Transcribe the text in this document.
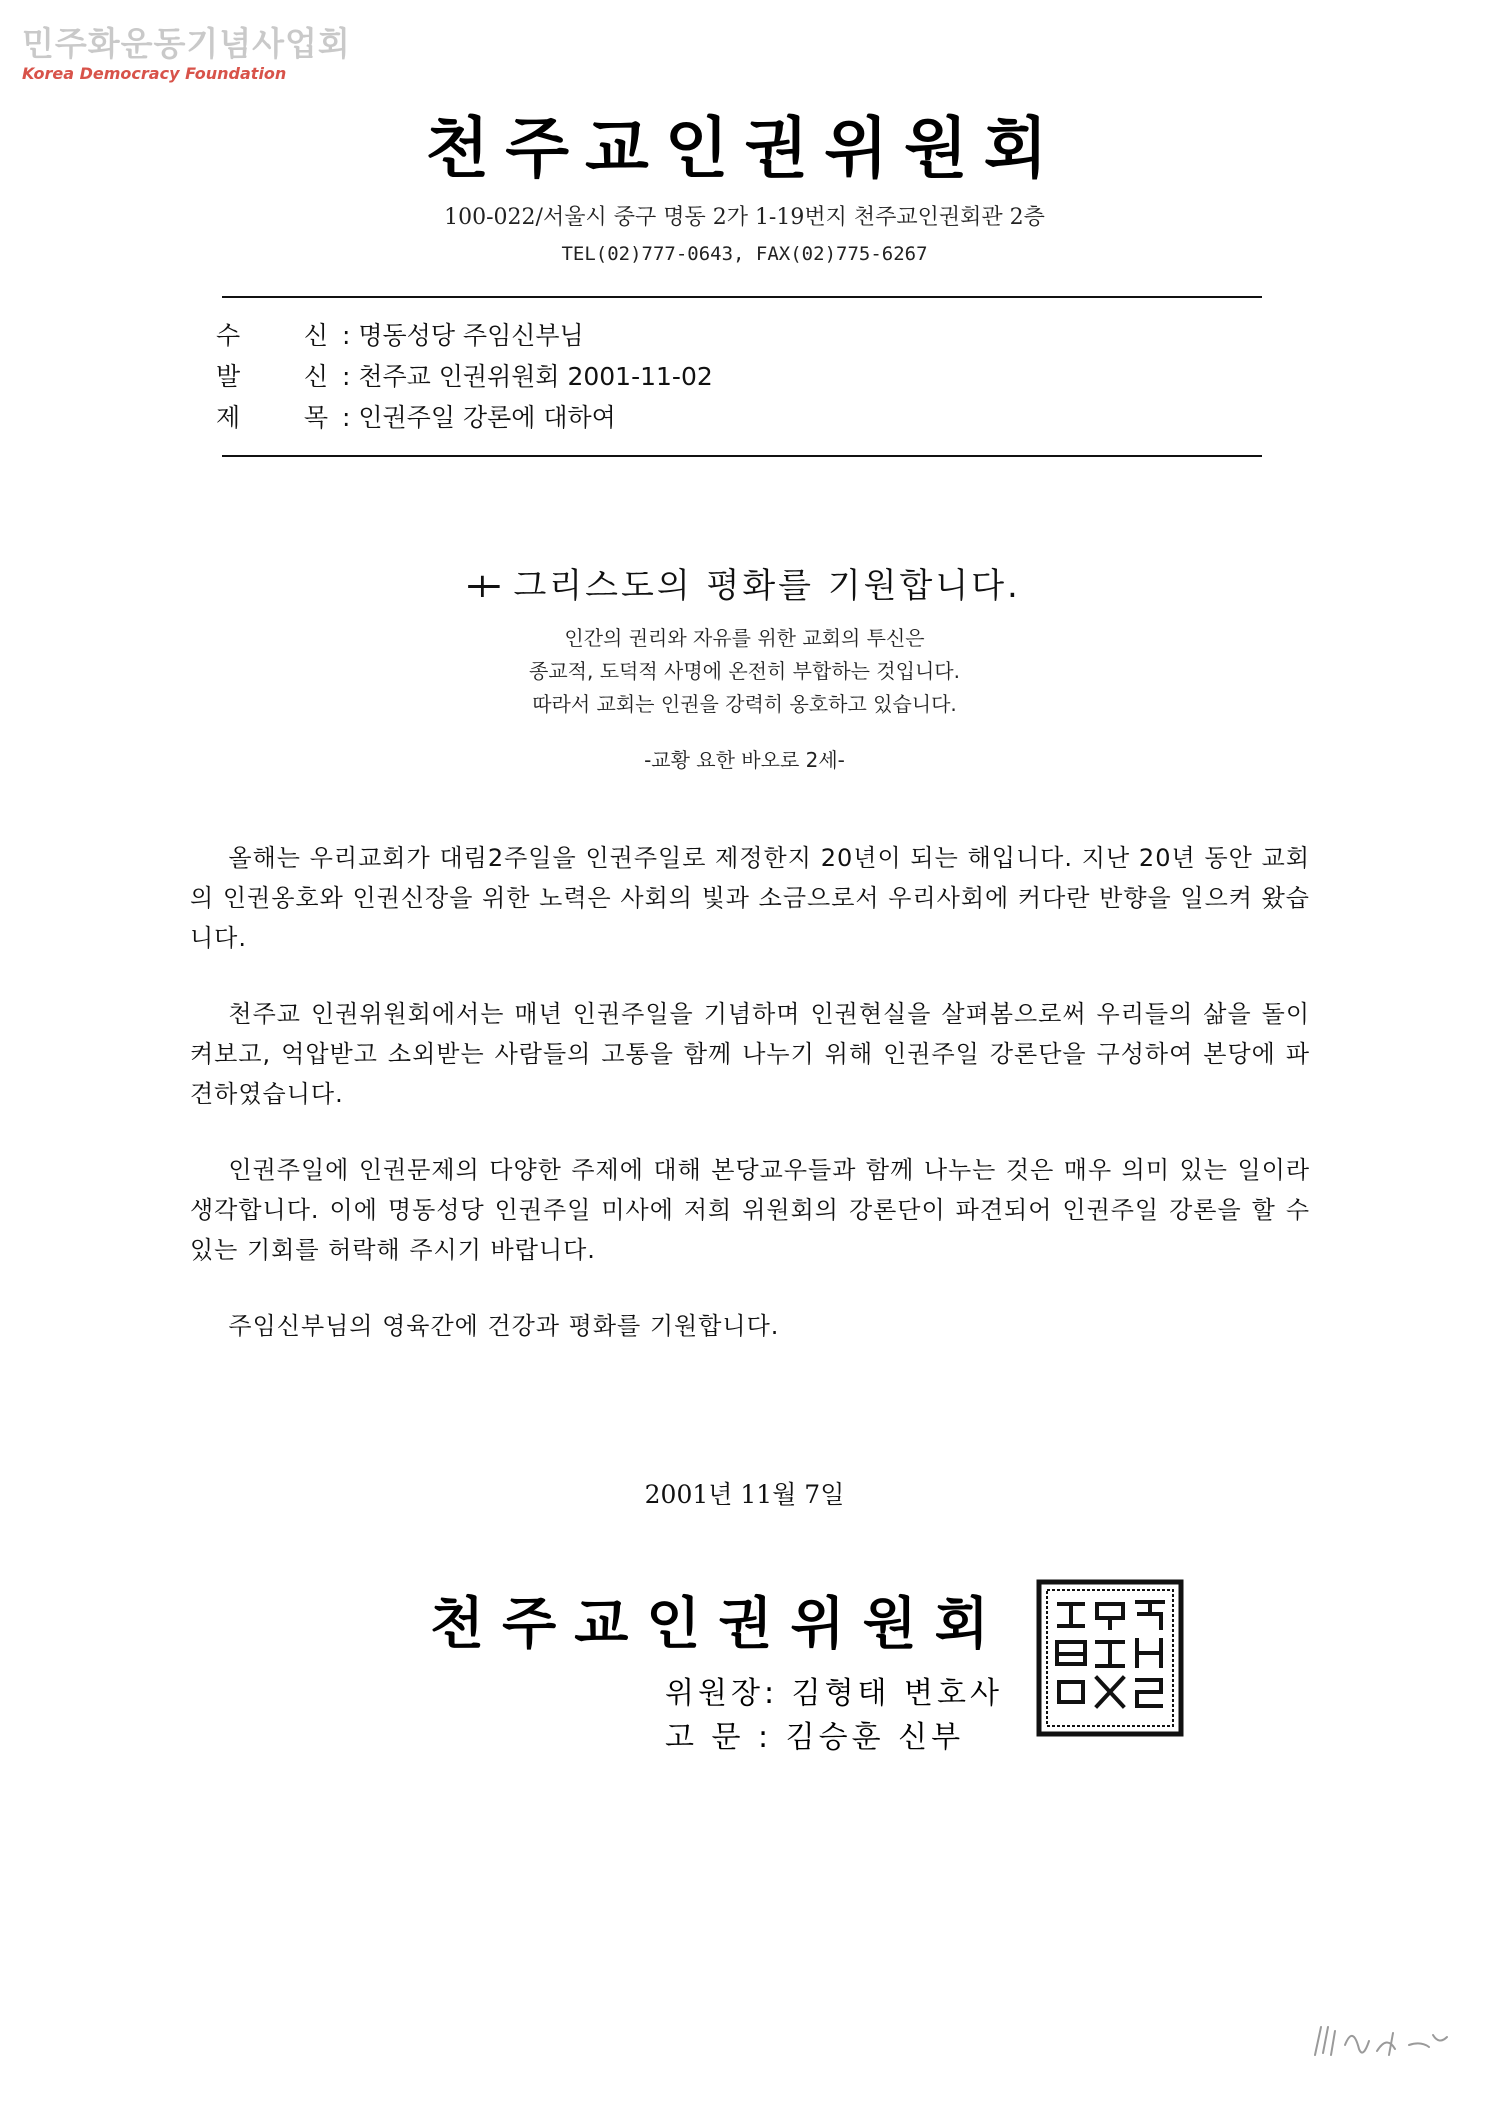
민주화운동기념사업회
Korea Democracy Foundation
천주교인권위원회
100-022/서울시 중구 명동 2가 1-19번지 천주교인권회관 2층
TEL(02)777-0643, FAX(02)775-6267
수	신 : 명동성당 주임신부님
발	신 : 천주교 인권위원회 2001-11-02
제	목 : 인권주일 강론에 대하여
+ 그리스도의 평화를 기원합니다.
인간의 권리와 자유를 위한 교회의 투신은
종교적, 도덕적 사명에 온전히 부합하는 것입니다.
따라서 교회는 인권을 강력히 옹호하고 있습니다.
-교황 요한 바오로 2세-

올해는 우리교회가 대림2주일을 인권주일로 제정한지 20년이 되는 해입니다. 지난 20년 동안 교회의 인권옹호와 인권신장을 위한 노력은 사회의 빛과 소금으로서 우리사회에 커다란 반향을 일으켜 왔습니다.

천주교 인권위원회에서는 매년 인권주일을 기념하며 인권현실을 살펴봄으로써 우리들의 삶을 돌이켜보고, 억압받고 소외받는 사람들의 고통을 함께 나누기 위해 인권주일 강론단을 구성하여 본당에 파견하였습니다.

인권주일에 인권문제의 다양한 주제에 대해 본당교우들과 함께 나누는 것은 매우 의미 있는 일이라 생각합니다. 이에 명동성당 인권주일 미사에 저희 위원회의 강론단이 파견되어 인권주일 강론을 할 수 있는 기회를 허락해 주시기 바랍니다.

주임신부님의 영육간에 건강과 평화를 기원합니다.

2001년 11월 7일
천주교인권위원회
위원장: 김형태 변호사
고 문 : 김승훈 신부
